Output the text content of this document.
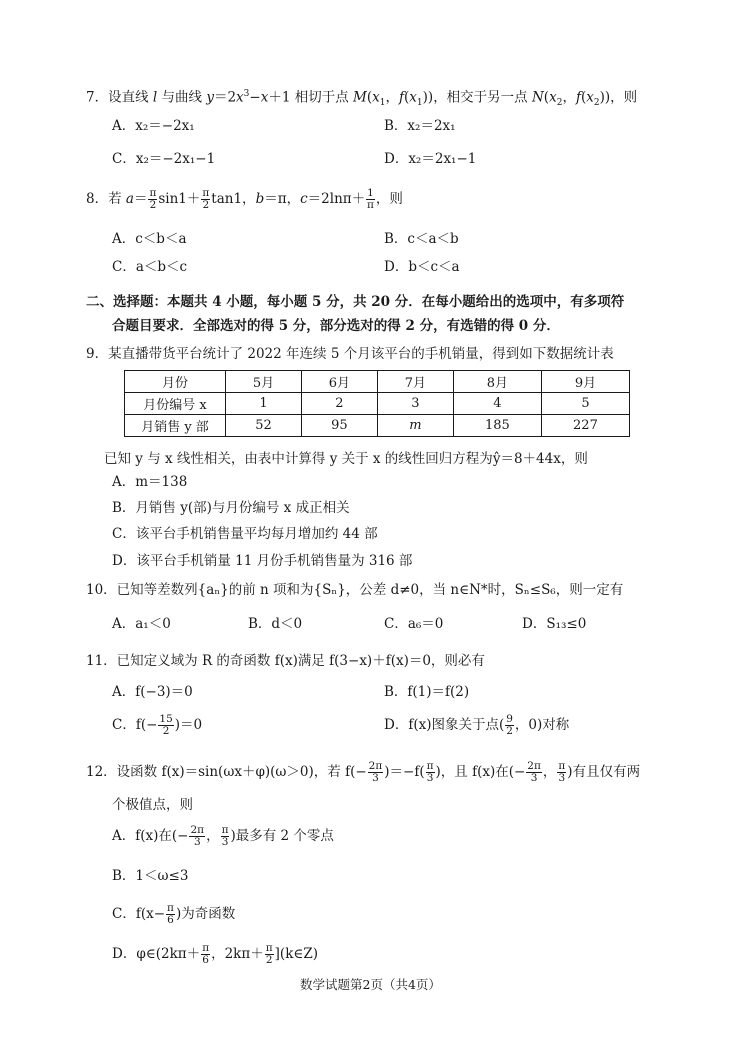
7．设直线 l 与曲线 $y=2x^3-x+1$ 相切于点 $M(x_1$，$f(x_1)$)，相交于另一点 $N(x_2$，$f(x_2)$)，则
A．x₂＝−2x₁	B．x₂＝2x₁
C．x₂＝−2x₁−1	D．x₂＝2x₁−1
8．若 $a= \frac{\pi}{2} \sin 1+ \frac{\pi}{2} \tan 1$，b＝π，$c=2\ln\pi+ \frac{1}{\pi}$ ，则
A．c＜b＜a	B．c＜a＜b
C．a＜b＜c	D．b＜c＜a
二、选择题：本题共 4 小题，每小题 5 分，共 20 分．在每小题给出的选项中，有多项符
合题目要求．全部选对的得 5 分，部分选对的得 2 分，有选错的得 0 分．
9．某直播带货平台统计了 2022 年连续 5 个月该平台的手机销量，得到如下数据统计表
月份	5月	6月	7月	8月	9月
月份编号 x	1	2	3	4	5
月销售 y 部	52	95	m	185	227
已知 y 与 x 线性相关，由表中计算得 y 关于 x 的线性回归方程为ŷ＝8＋44x，则
A．m＝138
B．月销售 y(部)与月份编号 x 成正相关
C．该平台手机销售量平均每月增加约 44 部
D．该平台手机销量 11 月份手机销售量为 316 部
10．已知等差数列{aₙ}的前 n 项和为{Sₙ}，公差 d≠0，当 n∈N*时，Sₙ≤S₆，则一定有
A．a₁＜0	B．d＜0	C．a₆＝0	D．S₁₃≤0
11．已知定义域为 R 的奇函数 f(x)满足 f(3−x)＋f(x)＝0，则必有
A．f(−3)＝0	B．f(1)＝f(2)
C．$f(- \frac{15}{2} )=0$	D．f(x)图象关于点( $\frac{9}{2}$ ，0)对称
12．设函数 f(x)＝sin(ωx＋φ)(ω＞0)，若 $f(- \frac{2\pi}{3} )=-f( \frac{\pi}{3}$ )，且 f(x)在(− $\frac{2\pi}{3}$ ， $\frac{\pi}{3}$ )有且仅有两
个极值点，则
A．f(x)在(− $\frac{2\pi}{3}$ ， $\frac{\pi}{3}$ )最多有 2 个零点
B．1＜ω≤3
C．$f(x- \frac{\pi}{6}$ )为奇函数
D．φ∈(2kπ＋ $\frac{\pi}{6}$ ，$2k\pi+ \frac{\pi}{2}$ ](k∈Z)
数学试题第2页（共4页）
